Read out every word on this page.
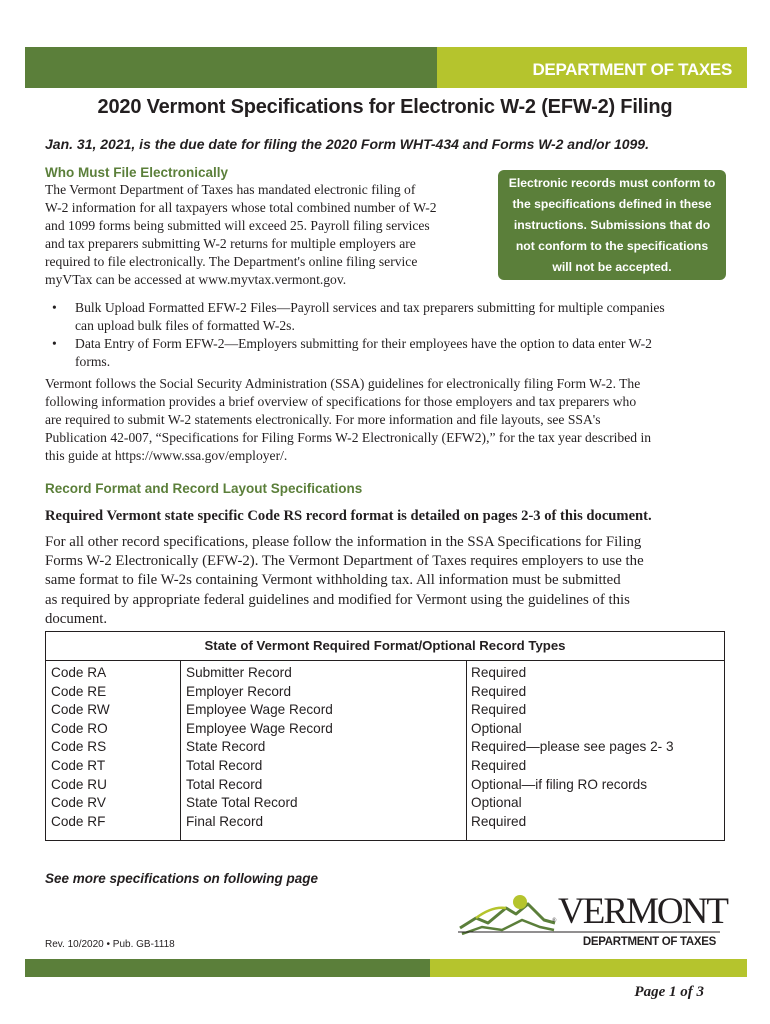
DEPARTMENT OF TAXES
2020 Vermont Specifications for Electronic W-2 (EFW-2) Filing
Jan. 31, 2021, is the due date for filing the 2020 Form WHT-434 and Forms W-2 and/or 1099.
Who Must File Electronically
The Vermont Department of Taxes has mandated electronic filing of
W-2 information for all taxpayers whose total combined number of W-2
and 1099 forms being submitted will exceed 25. Payroll filing services
and tax preparers submitting W-2 returns for multiple employers are
required to file electronically. The Department's online filing service
myVTax can be accessed at www.myvtax.vermont.gov.
Electronic records must conform to
the specifications defined in these
instructions. Submissions that do
not conform to the specifications
will not be accepted.
• Bulk Upload Formatted EFW-2 Files—Payroll services and tax preparers submitting for multiple companies
can upload bulk files of formatted W-2s.
• Data Entry of Form EFW-2—Employers submitting for their employees have the option to data enter W-2
forms.
Vermont follows the Social Security Administration (SSA) guidelines for electronically filing Form W-2. The
following information provides a brief overview of specifications for those employers and tax preparers who
are required to submit W-2 statements electronically. For more information and file layouts, see SSA's
Publication 42-007, “Specifications for Filing Forms W-2 Electronically (EFW2),” for the tax year described in
this guide at https://www.ssa.gov/employer/.
Record Format and Record Layout Specifications
Required Vermont state specific Code RS record format is detailed on pages 2-3 of this document.
For all other record specifications, please follow the information in the SSA Specifications for Filing
Forms W-2 Electronically (EFW-2). The Vermont Department of Taxes requires employers to use the
same format to file W-2s containing Vermont withholding tax. All information must be submitted
as required by appropriate federal guidelines and modified for Vermont using the guidelines of this
document.
State of Vermont Required Format/Optional Record Types
Code RA
Code RE
Code RW
Code RO
Code RS
Code RT
Code RU
Code RV
Code RF
Submitter Record
Employer Record
Employee Wage Record
Employee Wage Record
State Record
Total Record
Total Record
State Total Record
Final Record
Required
Required
Required
Optional
Required—please see pages 2- 3
Required
Optional—if filing RO records
Optional
Required
See more specifications on following page
Rev. 10/2020 • Pub. GB-1118
® VERMONT
DEPARTMENT OF TAXES
Page 1 of 3
